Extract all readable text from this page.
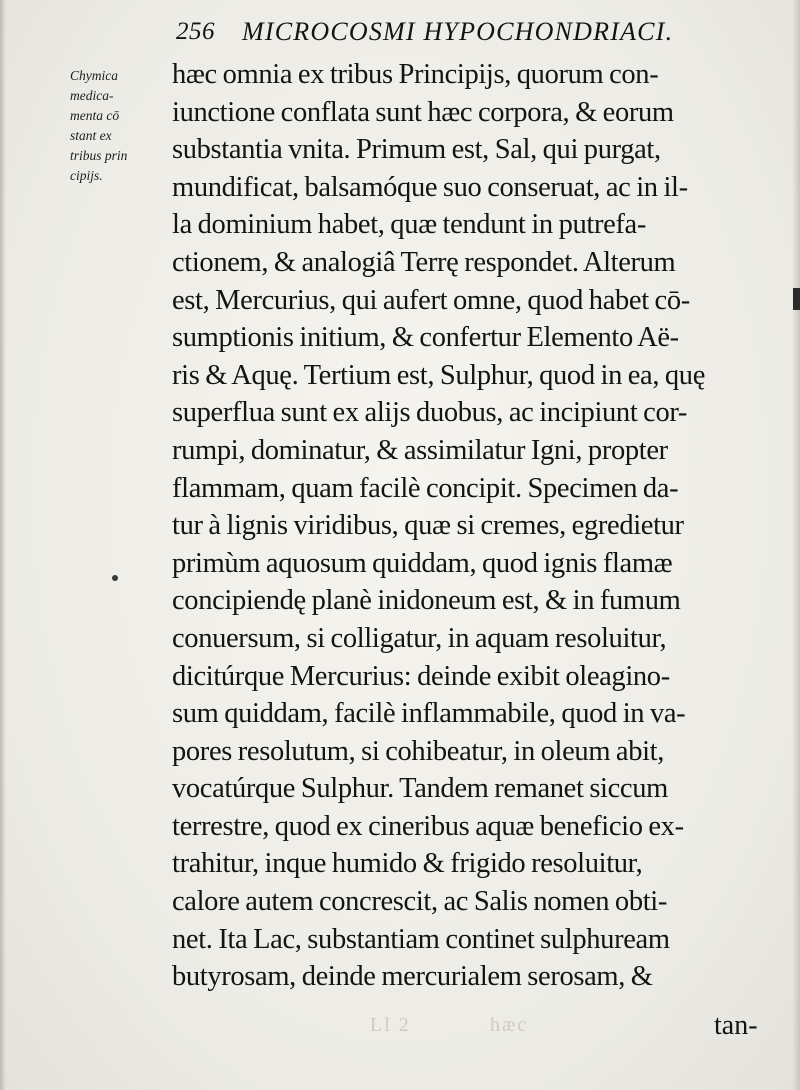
Ll 2	hæc
256 MICROCOSMI HYPOCHONDRIACI.
Chymica
medica-
menta cō
stant ex
tribus prin
cipijs.
hæc omnia ex tribus Principijs, quorum con-
iunctione conflata sunt hæc corpora, & eorum
substantia vnita. Primum est, Sal, qui purgat,
mundificat, balsamóque suo conseruat, ac in il-
la dominium habet, quæ tendunt in putrefa-
ctionem, & analogiâ Terrę respondet. Alterum
est, Mercurius, qui aufert omne, quod habet cō-
sumptionis initium, & confertur Elemento Aë-
ris & Aquę. Tertium est, Sulphur, quod in ea, quę
superflua sunt ex alijs duobus, ac incipiunt cor-
rumpi, dominatur, & assimilatur Igni, propter
flammam, quam facilè concipit. Specimen da-
tur à lignis viridibus, quæ si cremes, egredietur
primùm aquosum quiddam, quod ignis flamæ
concipiendę planè inidoneum est, & in fumum
conuersum, si colligatur, in aquam resoluitur,
dicitúrque Mercurius: deinde exibit oleagino-
sum quiddam, facilè inflammabile, quod in va-
pores resolutum, si cohibeatur, in oleum abit,
vocatúrque Sulphur. Tandem remanet siccum
terrestre, quod ex cineribus aquæ beneficio ex-
trahitur, inque humido & frigido resoluitur,
calore autem concrescit, ac Salis nomen obti-
net. Ita Lac, substantiam continet sulphuream
butyrosam, deinde mercurialem serosam, &
tan-
